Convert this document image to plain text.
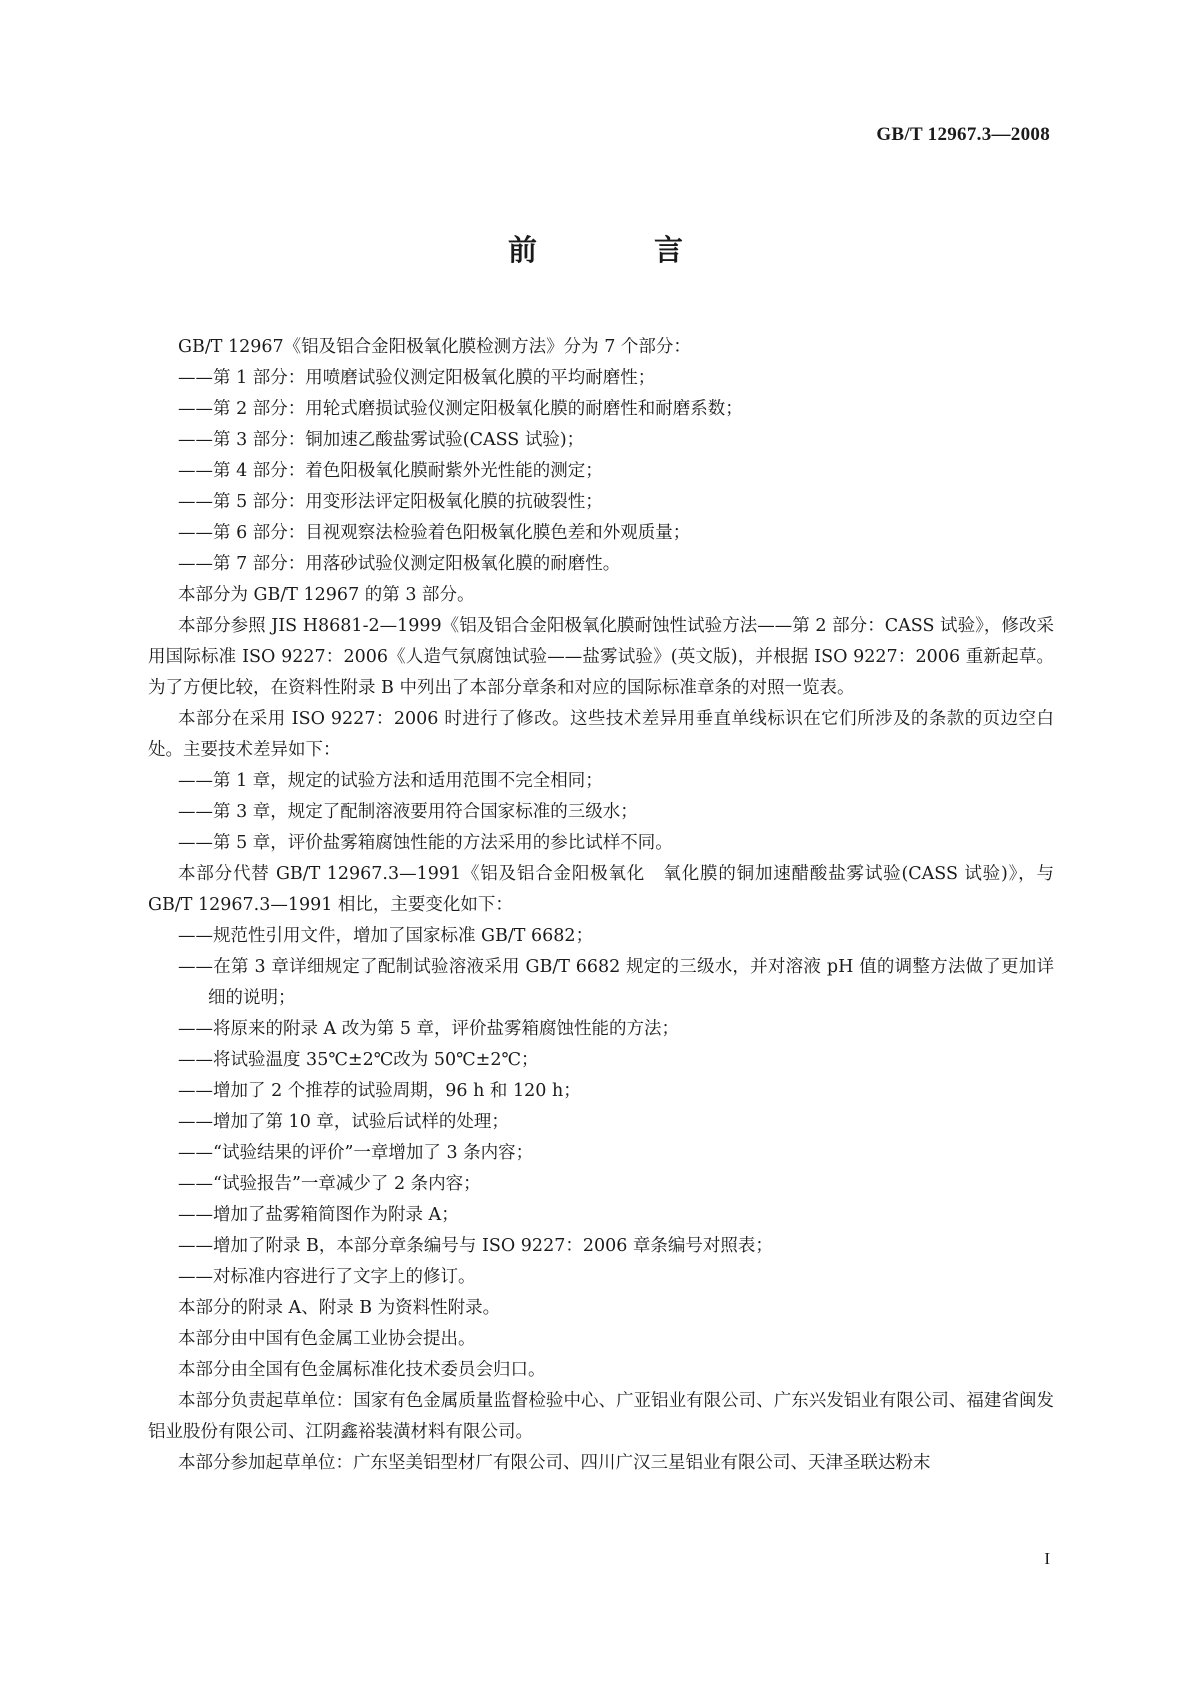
GB/T 12967.3—2008
前　言

GB/T 12967《铝及铝合金阳极氧化膜检测方法》分为 7 个部分：

——第 1 部分：用喷磨试验仪测定阳极氧化膜的平均耐磨性；

——第 2 部分：用轮式磨损试验仪测定阳极氧化膜的耐磨性和耐磨系数；

——第 3 部分：铜加速乙酸盐雾试验(CASS 试验)；

——第 4 部分：着色阳极氧化膜耐紫外光性能的测定；

——第 5 部分：用变形法评定阳极氧化膜的抗破裂性；

——第 6 部分：目视观察法检验着色阳极氧化膜色差和外观质量；

——第 7 部分：用落砂试验仪测定阳极氧化膜的耐磨性。

本部分为 GB/T 12967 的第 3 部分。

本部分参照 JIS H8681-2—1999《铝及铝合金阳极氧化膜耐蚀性试验方法——第 2 部分：CASS 试验》，修改采用国际标准 ISO 9227：2006《人造气氛腐蚀试验——盐雾试验》(英文版)，并根据 ISO 9227：2006 重新起草。为了方便比较，在资料性附录 B 中列出了本部分章条和对应的国际标准章条的对照一览表。

本部分在采用 ISO 9227：2006 时进行了修改。这些技术差异用垂直单线标识在它们所涉及的条款的页边空白处。主要技术差异如下：

——第 1 章，规定的试验方法和适用范围不完全相同；

——第 3 章，规定了配制溶液要用符合国家标准的三级水；

——第 5 章，评价盐雾箱腐蚀性能的方法采用的参比试样不同。

本部分代替 GB/T 12967.3—1991《铝及铝合金阳极氧化　氧化膜的铜加速醋酸盐雾试验(CASS 试验)》，与 GB/T 12967.3—1991 相比，主要变化如下：

——规范性引用文件，增加了国家标准 GB/T 6682；

——在第 3 章详细规定了配制试验溶液采用 GB/T 6682 规定的三级水，并对溶液 pH 值的调整方法做了更加详细的说明；

——将原来的附录 A 改为第 5 章，评价盐雾箱腐蚀性能的方法；

——将试验温度 35℃±2℃改为 50℃±2℃；

——增加了 2 个推荐的试验周期，96 h 和 120 h；

——增加了第 10 章，试验后试样的处理；

——“试验结果的评价”一章增加了 3 条内容；

——“试验报告”一章减少了 2 条内容；

——增加了盐雾箱简图作为附录 A；

——增加了附录 B，本部分章条编号与 ISO 9227：2006 章条编号对照表；

——对标准内容进行了文字上的修订。

本部分的附录 A、附录 B 为资料性附录。

本部分由中国有色金属工业协会提出。

本部分由全国有色金属标准化技术委员会归口。

本部分负责起草单位：国家有色金属质量监督检验中心、广亚铝业有限公司、广东兴发铝业有限公司、福建省闽发铝业股份有限公司、江阴鑫裕装潢材料有限公司。

本部分参加起草单位：广东坚美铝型材厂有限公司、四川广汉三星铝业有限公司、天津圣联达粉末

I
